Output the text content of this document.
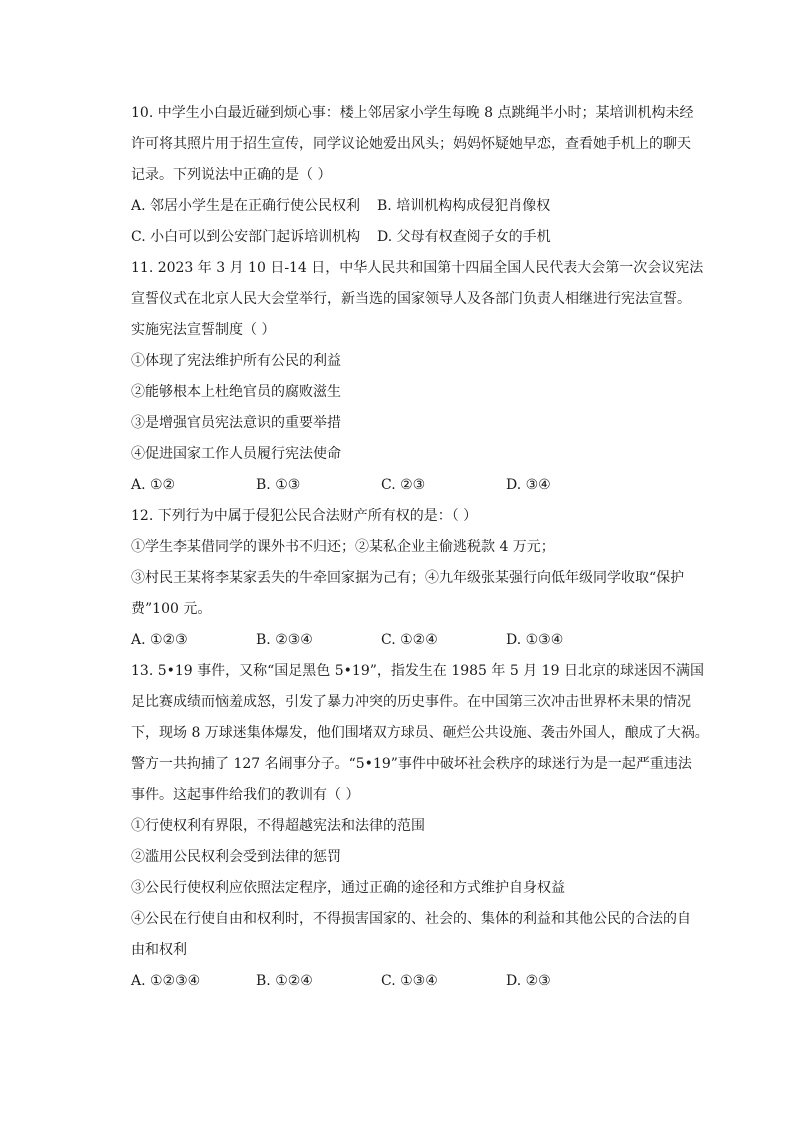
10. 中学生小白最近碰到烦心事：楼上邻居家小学生每晚 8 点跳绳半小时；某培训机构未经
许可将其照片用于招生宣传，同学议论她爱出风头；妈妈怀疑她早恋，查看她手机上的聊天
记录。下列说法中正确的是（ ）
A. 邻居小学生是在正确行使公民权利	B. 培训机构构成侵犯肖像权
C. 小白可以到公安部门起诉培训机构	D. 父母有权查阅子女的手机
11. 2023 年 3 月 10 日-14 日，中华人民共和国第十四届全国人民代表大会第一次会议宪法
宣誓仪式在北京人民大会堂举行，新当选的国家领导人及各部门负责人相继进行宪法宣誓。
实施宪法宣誓制度（ ）
①体现了宪法维护所有公民的利益
②能够根本上杜绝官员的腐败滋生
③是增强官员宪法意识的重要举措
④促进国家工作人员履行宪法使命
A. ①②	B. ①③	C. ②③	D. ③④
12. 下列行为中属于侵犯公民合法财产所有权的是：（ ）
①学生李某借同学的课外书不归还；②某私企业主偷逃税款 4 万元；
③村民王某将李某家丢失的牛牵回家据为己有；④九年级张某强行向低年级同学收取“保护
费”100 元。
A. ①②③	B. ②③④	C. ①②④	D. ①③④
13. 5•19 事件，又称“国足黑色 5•19”，指发生在 1985 年 5 月 19 日北京的球迷因不满国
足比赛成绩而恼羞成怒，引发了暴力冲突的历史事件。在中国第三次冲击世界杯未果的情况
下，现场 8 万球迷集体爆发，他们围堵双方球员、砸烂公共设施、袭击外国人，酿成了大祸。
警方一共拘捕了 127 名闹事分子。“5•19”事件中破坏社会秩序的球迷行为是一起严重违法
事件。这起事件给我们的教训有（ ）
①行使权利有界限，不得超越宪法和法律的范围
②滥用公民权利会受到法律的惩罚
③公民行使权利应依照法定程序，通过正确的途径和方式维护自身权益
④公民在行使自由和权利时，不得损害国家的、社会的、集体的利益和其他公民的合法的自
由和权利
A. ①②③④	B. ①②④	C. ①③④	D. ②③
